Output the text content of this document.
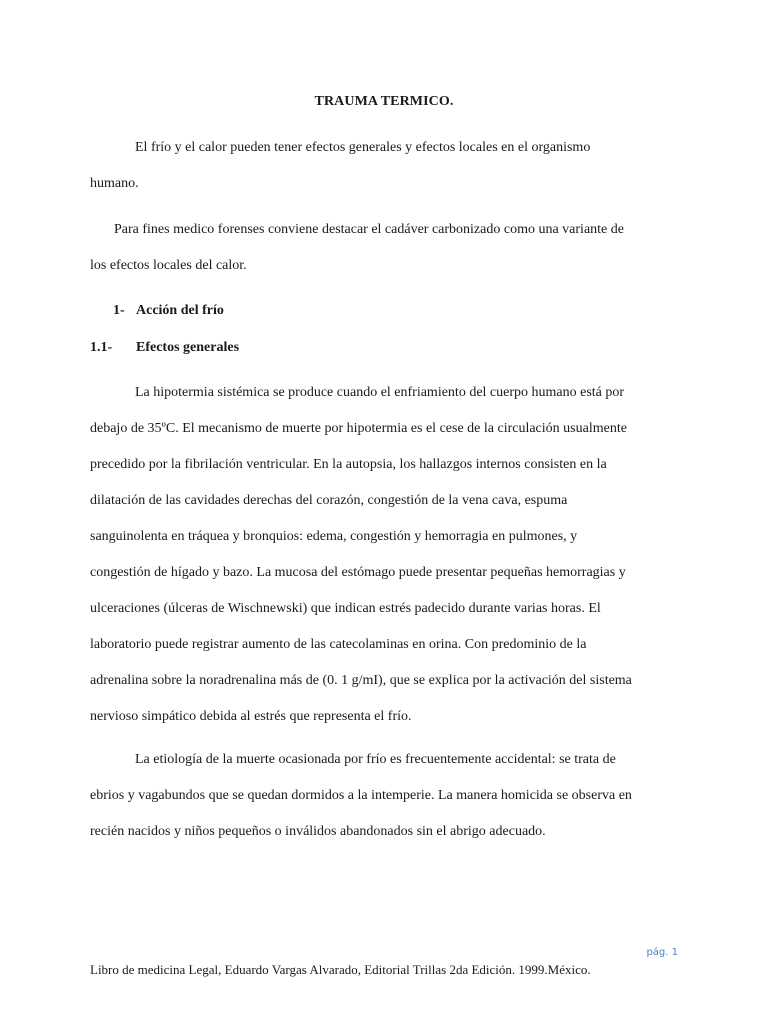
TRAUMA TERMICO.
El frío y el calor pueden tener efectos generales y efectos locales en el organismo
humano.
Para fines medico forenses conviene destacar el cadáver carbonizado como una variante de
los efectos locales del calor.
1- Acción del frío
1.1- Efectos generales
La hipotermia sistémica se produce cuando el enfriamiento del cuerpo humano está por
debajo de 35ºC. El mecanismo de muerte por hipotermia es el cese de la circulación usualmente
precedido por la fibrilación ventricular. En la autopsia, los hallazgos internos consisten en la
dilatación de las cavidades derechas del corazón, congestión de la vena cava, espuma
sanguinolenta en tráquea y bronquios: edema, congestión y hemorragia en pulmones, y
congestión de hígado y bazo. La mucosa del estómago puede presentar pequeñas hemorragias y
ulceraciones (úlceras de Wischnewski) que indican estrés padecido durante varias horas. El
laboratorio puede registrar aumento de las catecolaminas en orina. Con predominio de la
adrenalina sobre la noradrenalina más de (0. 1 g/mI), que se explica por la activación del sistema
nervioso simpático debida al estrés que representa el frío.
La etiología de la muerte ocasionada por frío es frecuentemente accidental: se trata de
ebrios y vagabundos que se quedan dormidos a la intemperie. La manera homicida se observa en
recién nacidos y niños pequeños o inválidos abandonados sin el abrigo adecuado.
pág. 1
Libro de medicina Legal, Eduardo Vargas Alvarado, Editorial Trillas 2da Edición. 1999.México.
